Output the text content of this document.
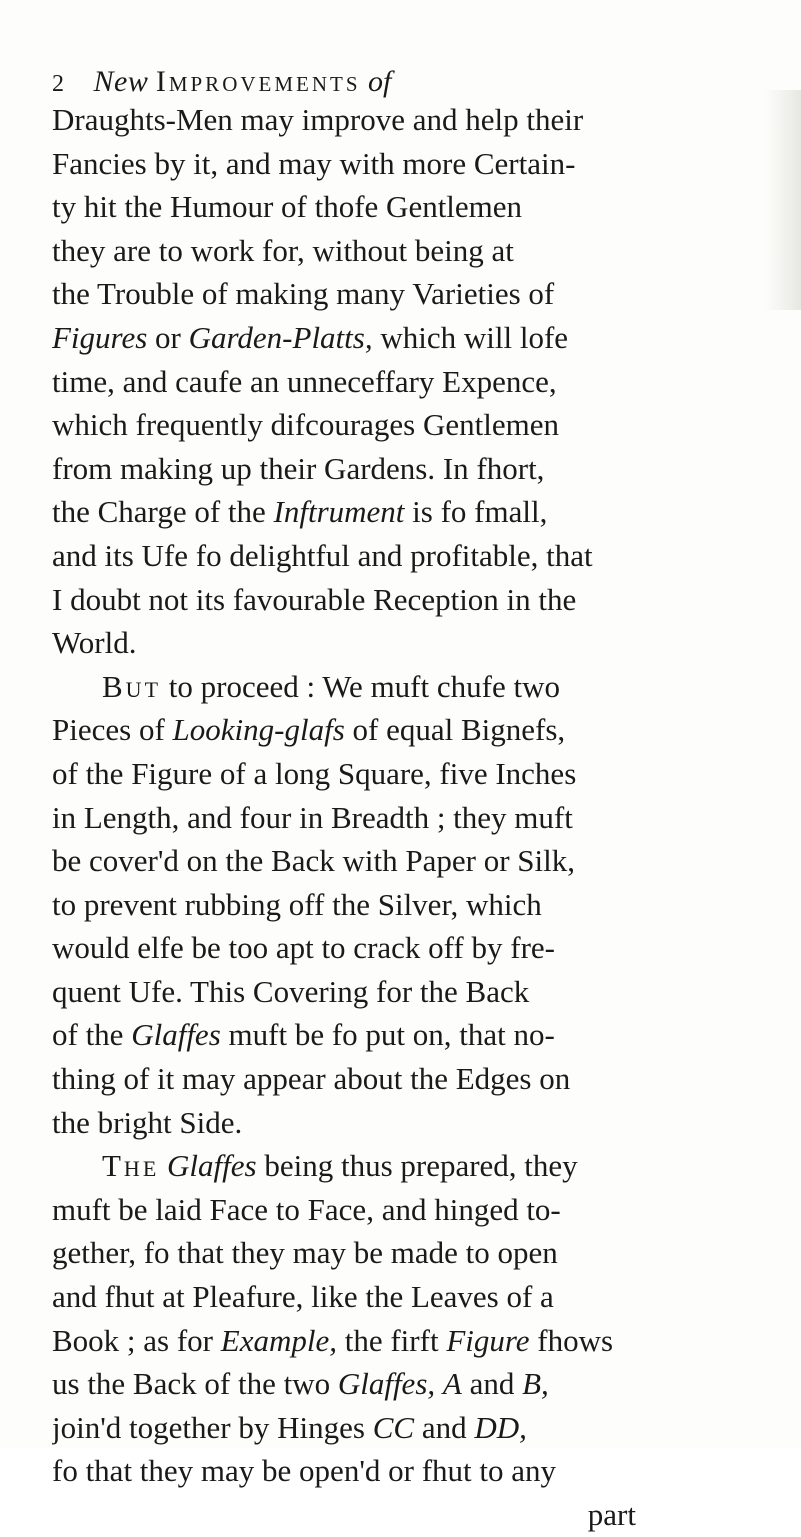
2 New Improvements of
Draughts-Men may improve and help their
Fancies by it, and may with more Certain-
ty hit the Humour of thofe Gentlemen
they are to work for, without being at
the Trouble of making many Varieties of
Figures or Garden-Platts, which will lofe
time, and caufe an unneceffary Expence,
which frequently difcourages Gentlemen
from making up their Gardens. In fhort,
the Charge of the Inftrument is fo fmall,
and its Ufe fo delightful and profitable, that
I doubt not its favourable Reception in the
World.
But to proceed : We muft chufe two
Pieces of Looking-glafs of equal Bignefs,
of the Figure of a long Square, five Inches
in Length, and four in Breadth ; they muft
be cover'd on the Back with Paper or Silk,
to prevent rubbing off the Silver, which
would elfe be too apt to crack off by fre-
quent Ufe. This Covering for the Back
of the Glaffes muft be fo put on, that no-
thing of it may appear about the Edges on
the bright Side.
The Glaffes being thus prepared, they
muft be laid Face to Face, and hinged to-
gether, fo that they may be made to open
and fhut at Pleafure, like the Leaves of a
Book ; as for Example, the firft Figure fhows
us the Back of the two Glaffes, A and B,
join'd together by Hinges CC and DD,
fo that they may be open'd or fhut to any
part
